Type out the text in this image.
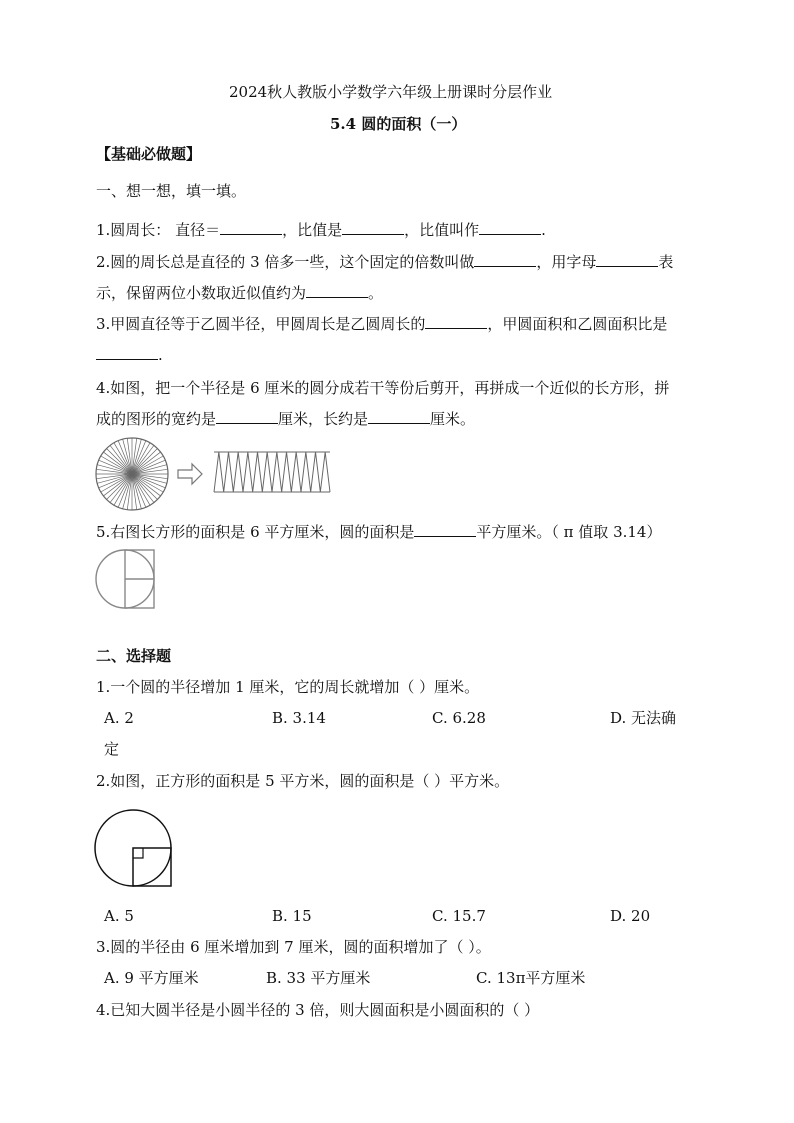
2024秋人教版小学数学六年级上册课时分层作业
5.4 圆的面积（一）
【基础必做题】
一、想一想，填一填。
1.圆周长： 直径＝	，比值是	，比值叫作	.
2.圆的周长总是直径的 3 倍多一些，这个固定的倍数叫做	，用字母	表
示，保留两位小数取近似值约为	。
3.甲圆直径等于乙圆半径，甲圆周长是乙圆周长的	，甲圆面积和乙圆面积比是
.
4.如图，把一个半径是 6 厘米的圆分成若干等份后剪开，再拼成一个近似的长方形，拼
成的图形的宽约是	厘米，长约是	厘米。
5.右图长方形的面积是 6 平方厘米，圆的面积是	平方厘米。（ π 值取 3.14）
二、选择题
1.一个圆的半径增加 1 厘米，它的周长就增加（ ）厘米。
A. 2	B. 3.14	C. 6.28	D. 无法确
定
2.如图，正方形的面积是 5 平方米，圆的面积是（ ）平方米。
A. 5	B. 15	C. 15.7	D. 20
3.圆的半径由 6 厘米增加到 7 厘米，圆的面积增加了（ ）。
A. 9 平方厘米	B. 33 平方厘米	C. 13π平方厘米
4.已知大圆半径是小圆半径的 3 倍，则大圆面积是小圆面积的（ ）
